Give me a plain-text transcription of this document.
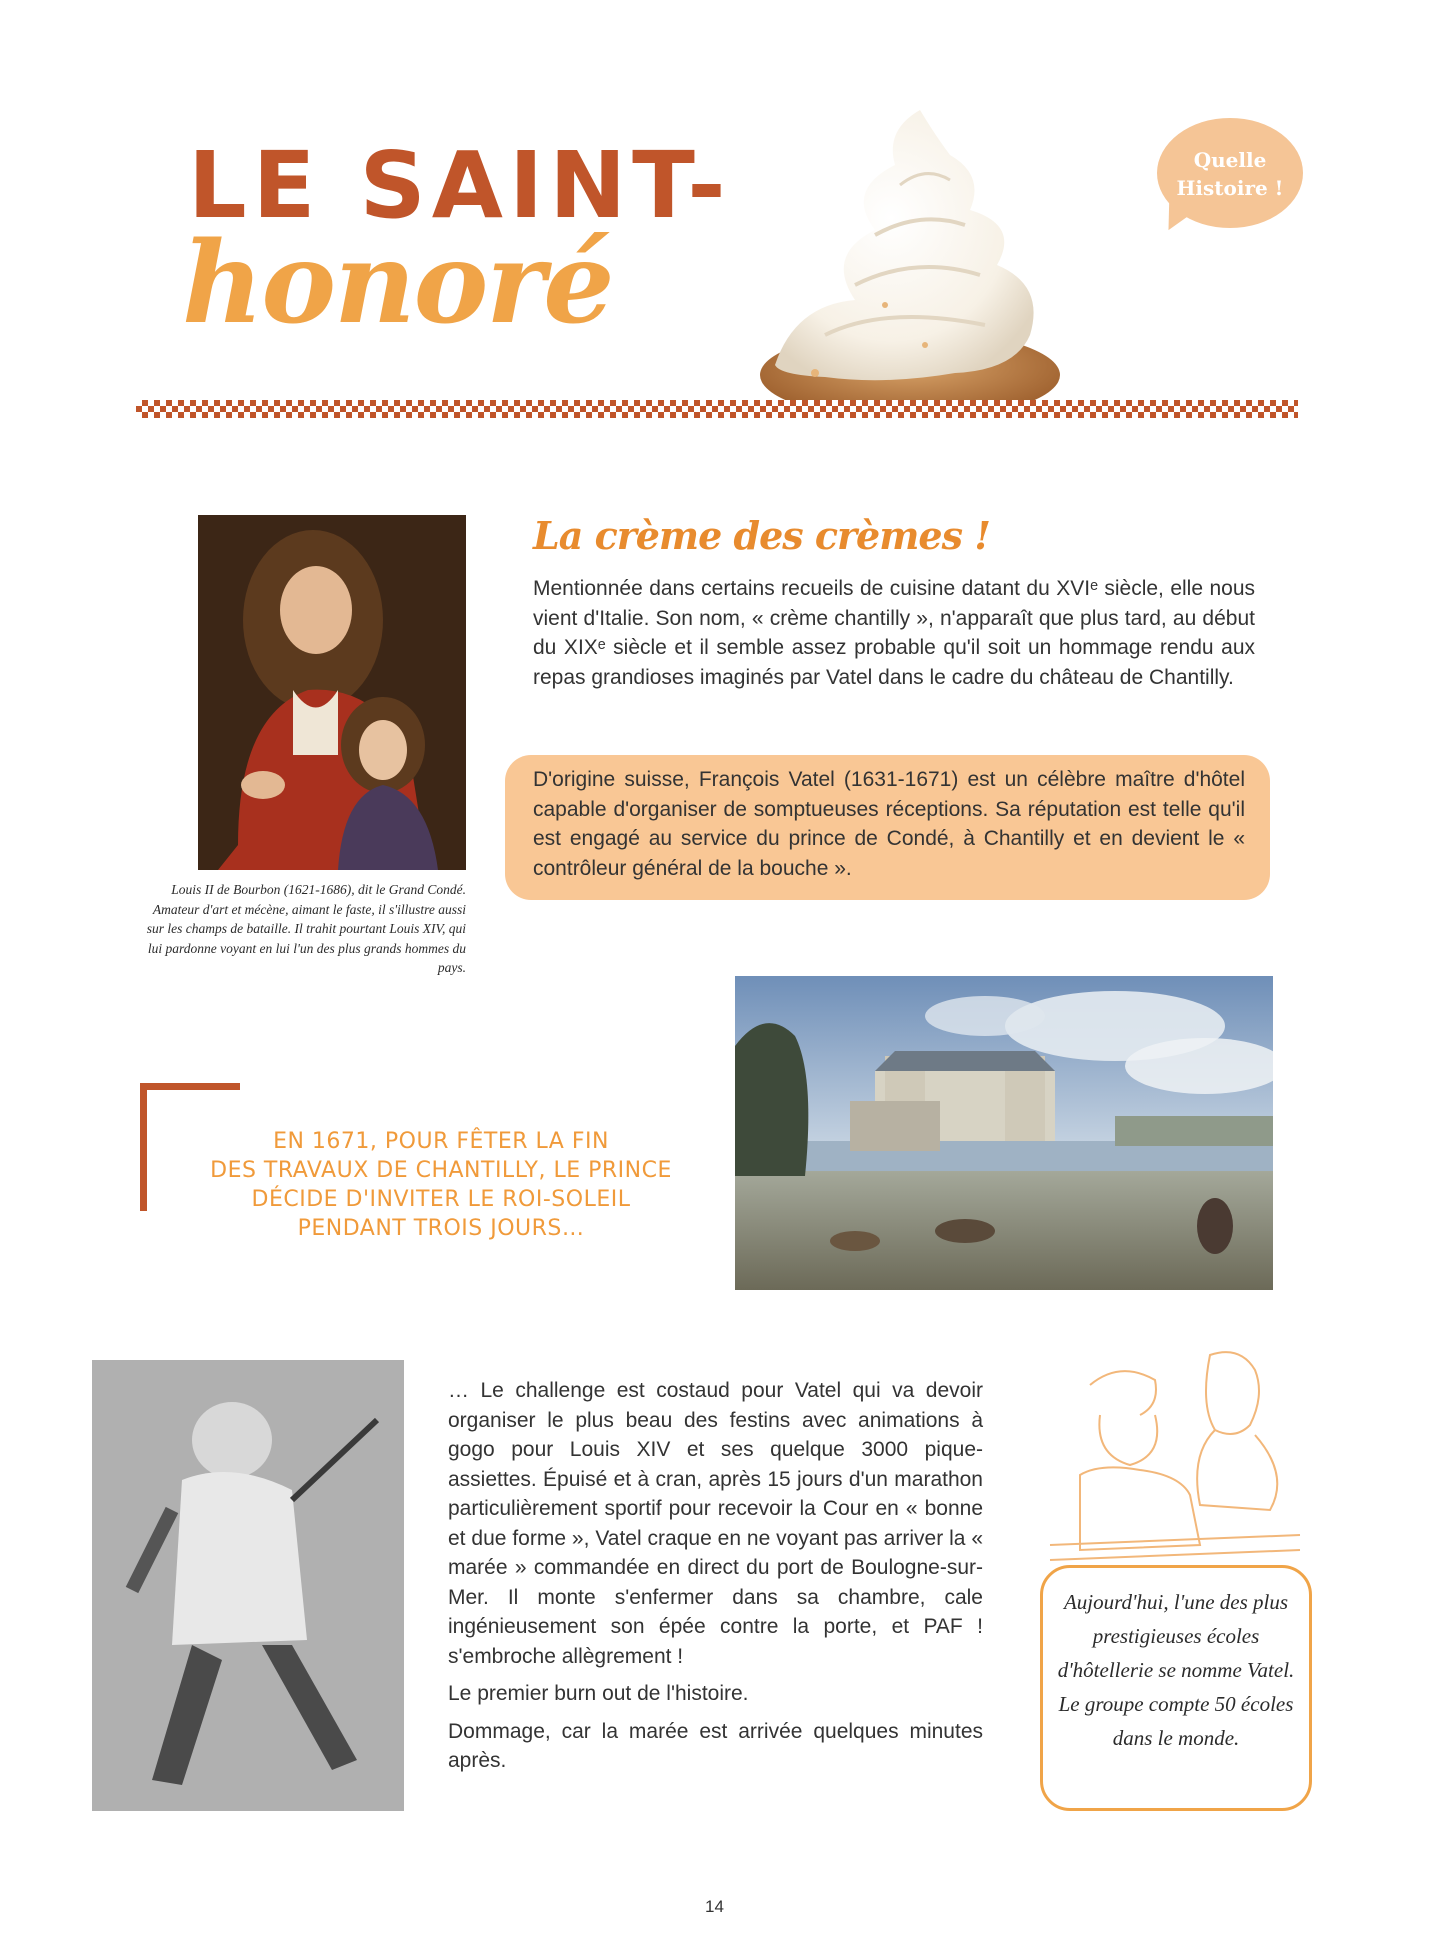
LE SAINT-
honoré
Quelle
Histoire !
Louis II de Bourbon (1621-1686), dit le Grand Condé. Amateur d'art et mécène, aimant le faste, il s'illustre aussi sur les champs de bataille. Il trahit pourtant Louis XIV, qui lui pardonne voyant en lui l'un des plus grands hommes du pays.
La crème des crèmes !
Mentionnée dans certains recueils de cuisine datant du XVIᵉ siècle, elle nous vient d'Italie. Son nom, « crème chantilly », n'apparaît que plus tard, au début du XIXᵉ siècle et il semble assez probable qu'il soit un hommage rendu aux repas grandioses imaginés par Vatel dans le cadre du château de Chantilly.
D'origine suisse, François Vatel (1631-1671) est un célèbre maître d'hôtel capable d'organiser de somptueuses réceptions. Sa réputation est telle qu'il est engagé au service du prince de Condé, à Chantilly et en devient le « contrôleur général de la bouche ».
EN 1671, POUR FÊTER LA FIN
DES TRAVAUX DE CHANTILLY, LE PRINCE
DÉCIDE D'INVITER LE ROI-SOLEIL
PENDANT TROIS JOURS…

… Le challenge est costaud pour Vatel qui va devoir organiser le plus beau des festins avec animations à gogo pour Louis XIV et ses quelque 3000 pique-assiettes. Épuisé et à cran, après 15 jours d'un marathon particulièrement sportif pour recevoir la Cour en « bonne et due forme », Vatel craque en ne voyant pas arriver la « marée » commandée en direct du port de Boulogne-sur-Mer. Il monte s'enfermer dans sa chambre, cale ingénieusement son épée contre la porte, et PAF ! s'embroche allègrement !

Le premier burn out de l'histoire.

Dommage, car la marée est arrivée quelques minutes après.

Aujourd'hui, l'une des plus prestigieuses écoles d'hôtellerie se nomme Vatel. Le groupe compte 50 écoles dans le monde.
14
